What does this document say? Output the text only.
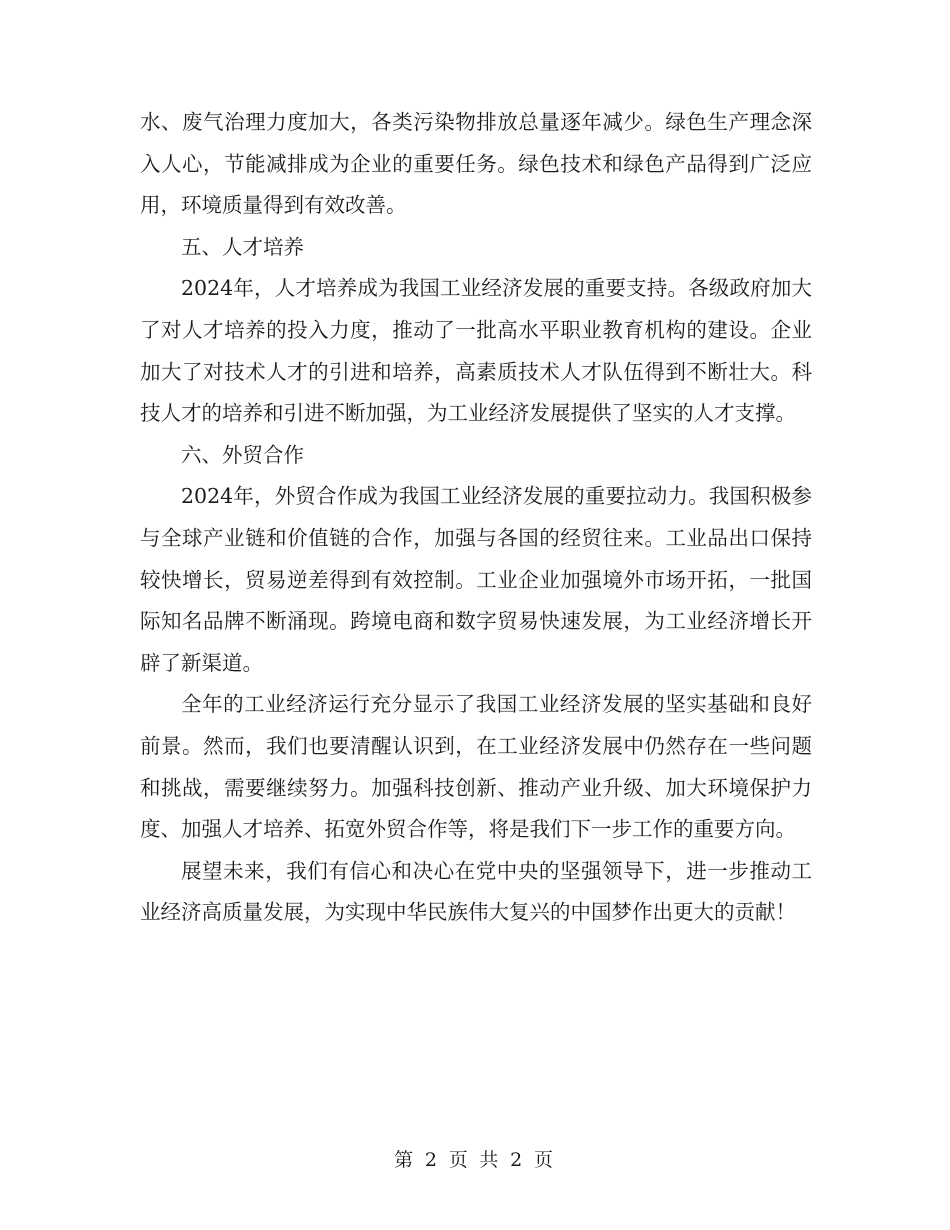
水、废气治理力度加大，各类污染物排放总量逐年减少。绿色生产理念深入人心，节能减排成为企业的重要任务。绿色技术和绿色产品得到广泛应用，环境质量得到有效改善。

五、人才培养

2024年，人才培养成为我国工业经济发展的重要支持。各级政府加大了对人才培养的投入力度，推动了一批高水平职业教育机构的建设。企业加大了对技术人才的引进和培养，高素质技术人才队伍得到不断壮大。科技人才的培养和引进不断加强，为工业经济发展提供了坚实的人才支撑。

六、外贸合作

2024年，外贸合作成为我国工业经济发展的重要拉动力。我国积极参与全球产业链和价值链的合作，加强与各国的经贸往来。工业品出口保持较快增长，贸易逆差得到有效控制。工业企业加强境外市场开拓，一批国际知名品牌不断涌现。跨境电商和数字贸易快速发展，为工业经济增长开辟了新渠道。

全年的工业经济运行充分显示了我国工业经济发展的坚实基础和良好前景。然而，我们也要清醒认识到，在工业经济发展中仍然存在一些问题和挑战，需要继续努力。加强科技创新、推动产业升级、加大环境保护力度、加强人才培养、拓宽外贸合作等，将是我们下一步工作的重要方向。

展望未来，我们有信心和决心在党中央的坚强领导下，进一步推动工业经济高质量发展，为实现中华民族伟大复兴的中国梦作出更大的贡献！

第 2 页 共 2 页
